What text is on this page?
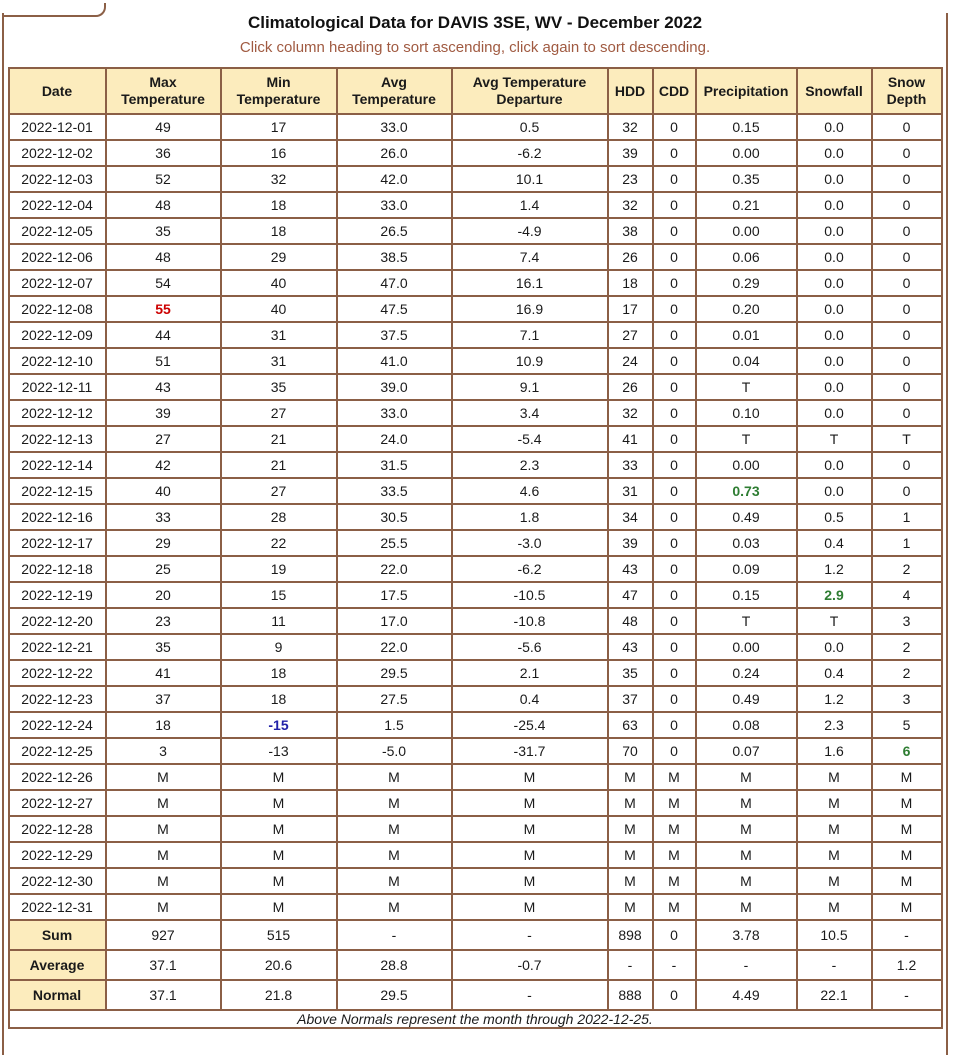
Climatological Data for DAVIS 3SE, WV - December 2022
Click column heading to sort ascending, click again to sort descending.
Date	Max Temperature	Min Temperature	Avg Temperature	Avg Temperature Departure	HDD	CDD	Precipitation	Snowfall	Snow Depth
2022-12-01	49	17	33.0	0.5	32	0	0.15	0.0	0
2022-12-02	36	16	26.0	-6.2	39	0	0.00	0.0	0
2022-12-03	52	32	42.0	10.1	23	0	0.35	0.0	0
2022-12-04	48	18	33.0	1.4	32	0	0.21	0.0	0
2022-12-05	35	18	26.5	-4.9	38	0	0.00	0.0	0
2022-12-06	48	29	38.5	7.4	26	0	0.06	0.0	0
2022-12-07	54	40	47.0	16.1	18	0	0.29	0.0	0
2022-12-08	55	40	47.5	16.9	17	0	0.20	0.0	0
2022-12-09	44	31	37.5	7.1	27	0	0.01	0.0	0
2022-12-10	51	31	41.0	10.9	24	0	0.04	0.0	0
2022-12-11	43	35	39.0	9.1	26	0	T	0.0	0
2022-12-12	39	27	33.0	3.4	32	0	0.10	0.0	0
2022-12-13	27	21	24.0	-5.4	41	0	T	T	T
2022-12-14	42	21	31.5	2.3	33	0	0.00	0.0	0
2022-12-15	40	27	33.5	4.6	31	0	0.73	0.0	0
2022-12-16	33	28	30.5	1.8	34	0	0.49	0.5	1
2022-12-17	29	22	25.5	-3.0	39	0	0.03	0.4	1
2022-12-18	25	19	22.0	-6.2	43	0	0.09	1.2	2
2022-12-19	20	15	17.5	-10.5	47	0	0.15	2.9	4
2022-12-20	23	11	17.0	-10.8	48	0	T	T	3
2022-12-21	35	9	22.0	-5.6	43	0	0.00	0.0	2
2022-12-22	41	18	29.5	2.1	35	0	0.24	0.4	2
2022-12-23	37	18	27.5	0.4	37	0	0.49	1.2	3
2022-12-24	18	-15	1.5	-25.4	63	0	0.08	2.3	5
2022-12-25	3	-13	-5.0	-31.7	70	0	0.07	1.6	6
2022-12-26	M	M	M	M	M	M	M	M	M
2022-12-27	M	M	M	M	M	M	M	M	M
2022-12-28	M	M	M	M	M	M	M	M	M
2022-12-29	M	M	M	M	M	M	M	M	M
2022-12-30	M	M	M	M	M	M	M	M	M
2022-12-31	M	M	M	M	M	M	M	M	M
Sum	927	515	-	-	898	0	3.78	10.5	-
Average	37.1	20.6	28.8	-0.7	-	-	-	-	1.2
Normal	37.1	21.8	29.5	-	888	0	4.49	22.1	-
Above Normals represent the month through 2022-12-25.									
